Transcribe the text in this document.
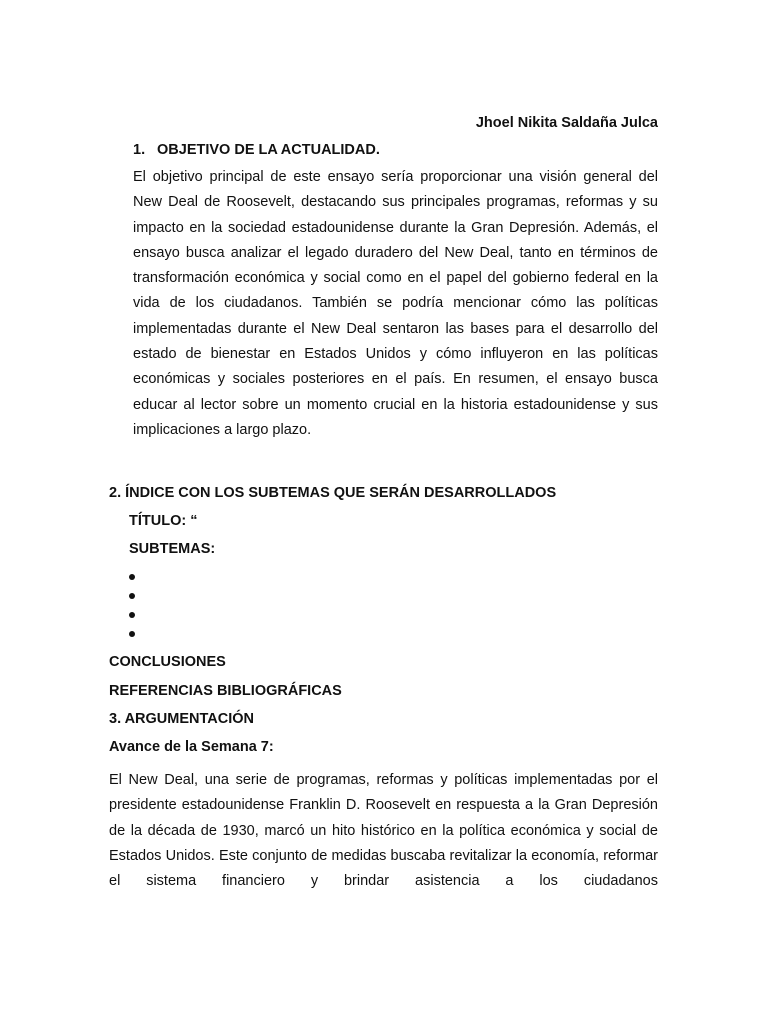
Jhoel Nikita Saldaña Julca
1. OBJETIVO DE LA ACTUALIDAD.

El objetivo principal de este ensayo sería proporcionar una visión general del New Deal de Roosevelt, destacando sus principales programas, reformas y su impacto en la sociedad estadounidense durante la Gran Depresión. Además, el ensayo busca analizar el legado duradero del New Deal, tanto en términos de transformación económica y social como en el papel del gobierno federal en la vida de los ciudadanos. También se podría mencionar cómo las políticas implementadas durante el New Deal sentaron las bases para el desarrollo del estado de bienestar en Estados Unidos y cómo influyeron en las políticas económicas y sociales posteriores en el país. En resumen, el ensayo busca educar al lector sobre un momento crucial en la historia estadounidense y sus implicaciones a largo plazo.

2. ÍNDICE CON LOS SUBTEMAS QUE SERÁN DESARROLLADOS
TÍTULO: “
SUBTEMAS:
CONCLUSIONES
REFERENCIAS BIBLIOGRÁFICAS
3. ARGUMENTACIÓN
Avance de la Semana 7:

El New Deal, una serie de programas, reformas y políticas implementadas por el presidente estadounidense Franklin D. Roosevelt en respuesta a la Gran Depresión de la década de 1930, marcó un hito histórico en la política económica y social de Estados Unidos. Este conjunto de medidas buscaba revitalizar la economía, reformar el sistema financiero y brindar asistencia a los ciudadanos
